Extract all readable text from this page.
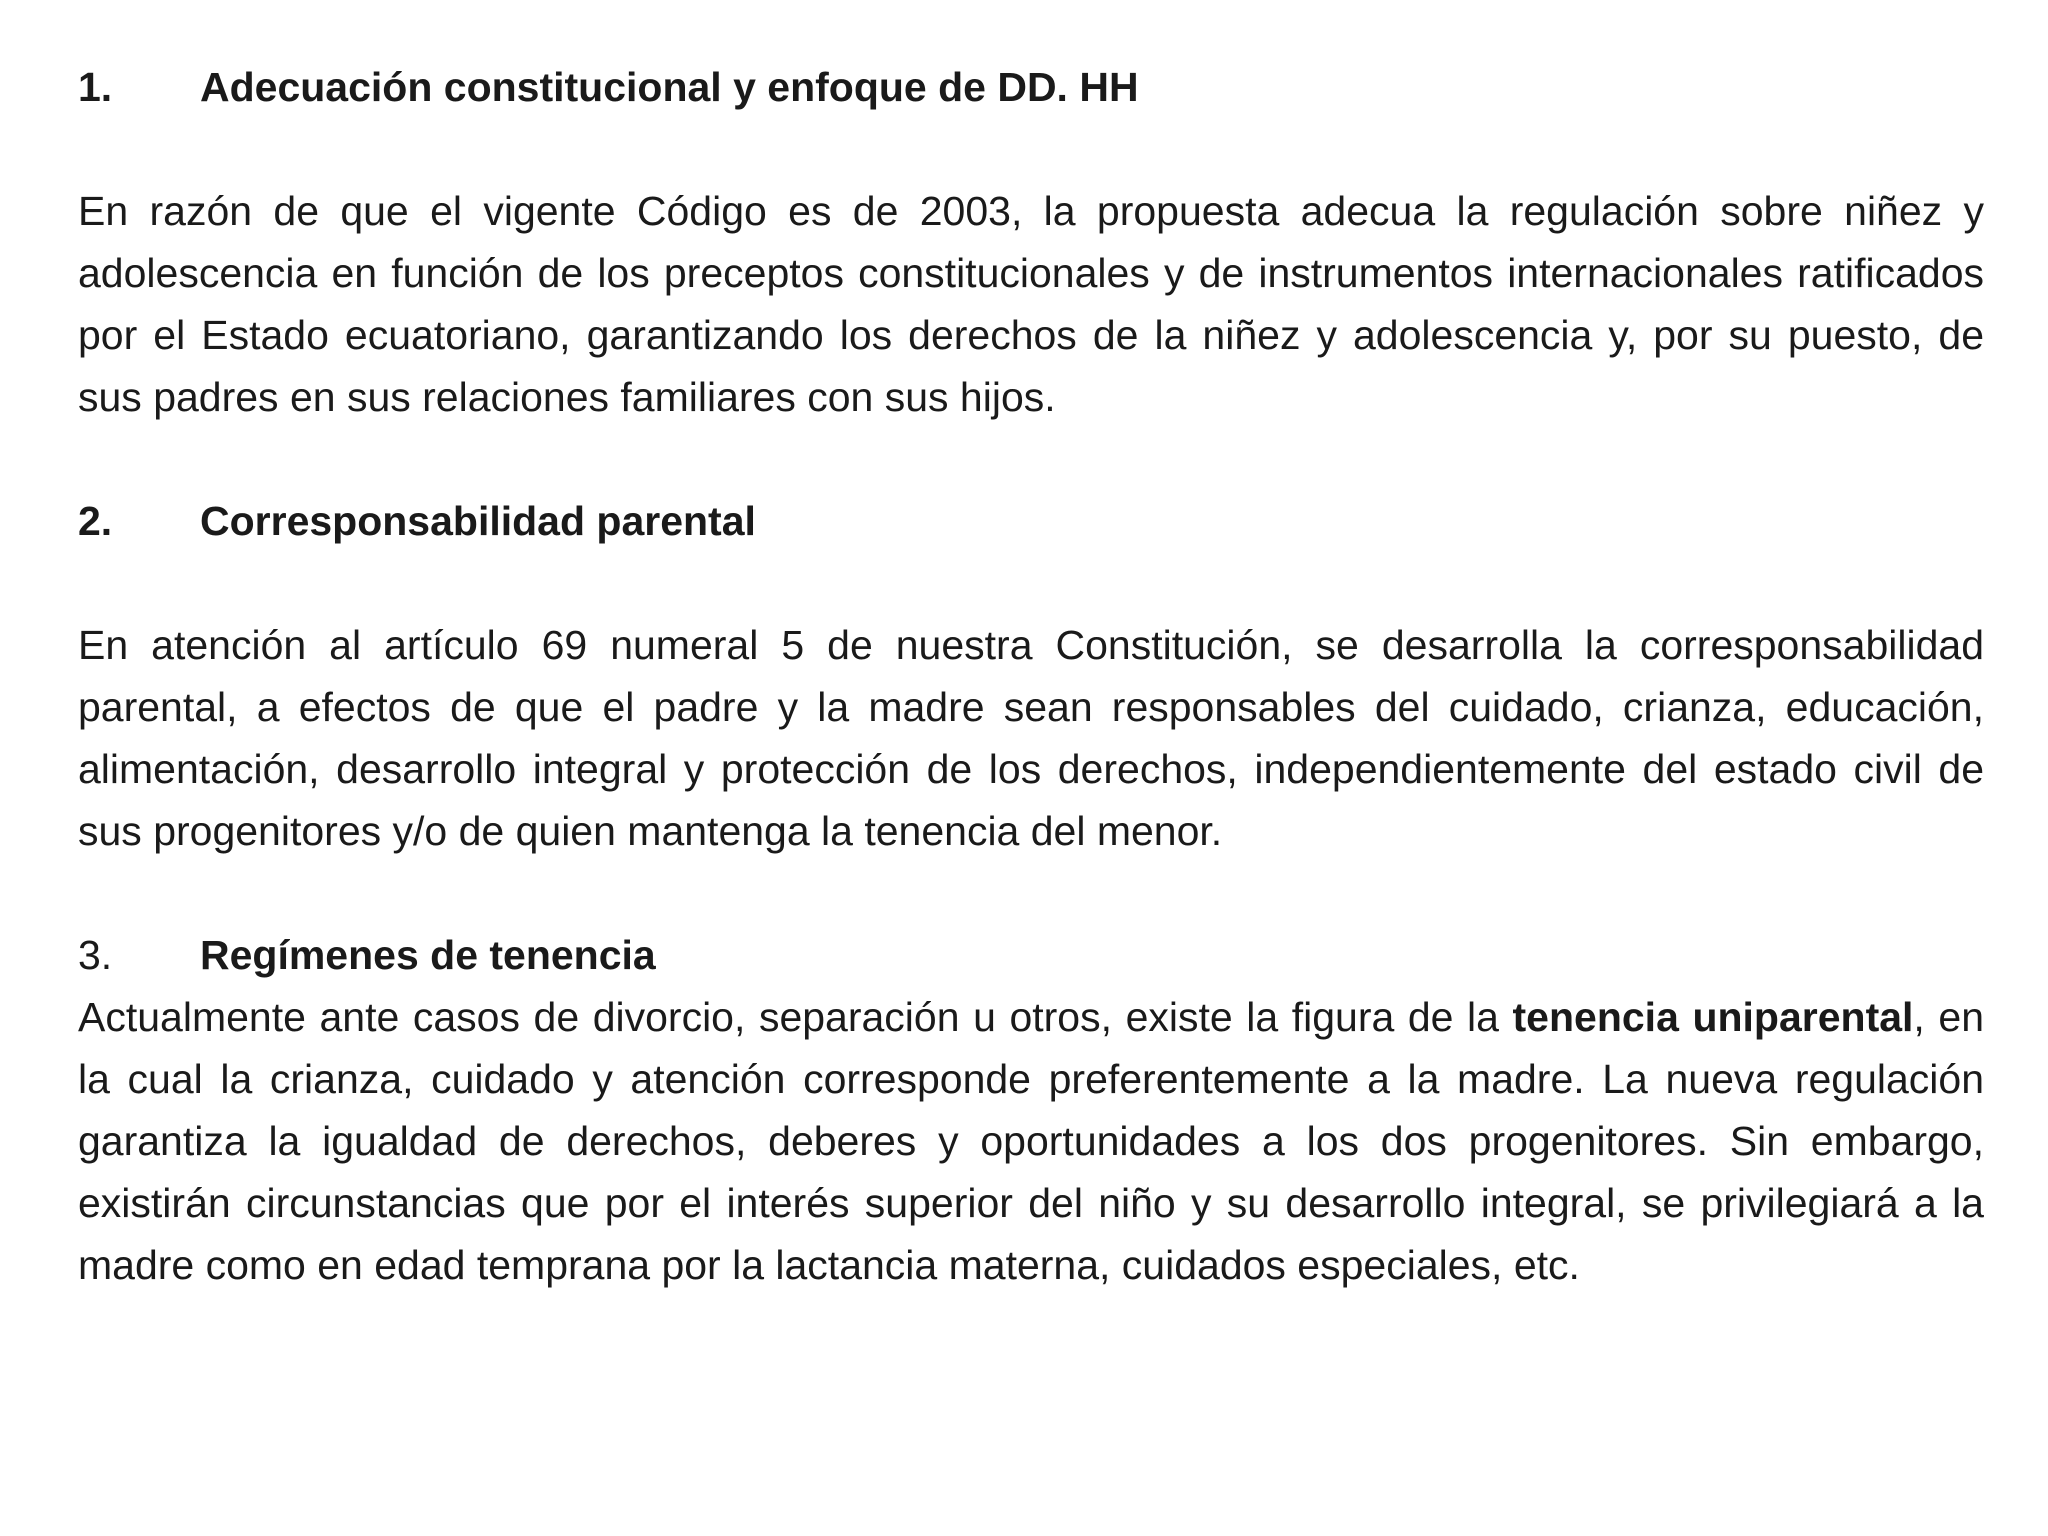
1.	Adecuación constitucional y enfoque de DD. HH

En razón de que el vigente Código es de 2003, la propuesta adecua la regulación sobre niñez y adolescencia en función de los preceptos constitucionales y de instrumentos internacionales ratificados por el Estado ecuatoriano, garantizando los derechos de la niñez y adolescencia y, por su puesto, de sus padres en sus relaciones familiares con sus hijos.

2.	Corresponsabilidad parental

En atención al artículo 69 numeral 5 de nuestra Constitución, se desarrolla la corresponsabilidad parental, a efectos de que el padre y la madre sean responsables del cuidado, crianza, educación, alimentación, desarrollo integral y protección de los derechos, independientemente del estado civil de sus progenitores y/o de quien mantenga la tenencia del menor.

3.	Regímenes de tenencia

Actualmente ante casos de divorcio, separación u otros, existe la figura de la tenencia uniparental, en la cual la crianza, cuidado y atención corresponde preferentemente a la madre. La nueva regulación garantiza la igualdad de derechos, deberes y oportunidades a los dos progenitores. Sin embargo, existirán circunstancias que por el interés superior del niño y su desarrollo integral, se privilegiará a la madre como en edad temprana por la lactancia materna, cuidados especiales, etc.
